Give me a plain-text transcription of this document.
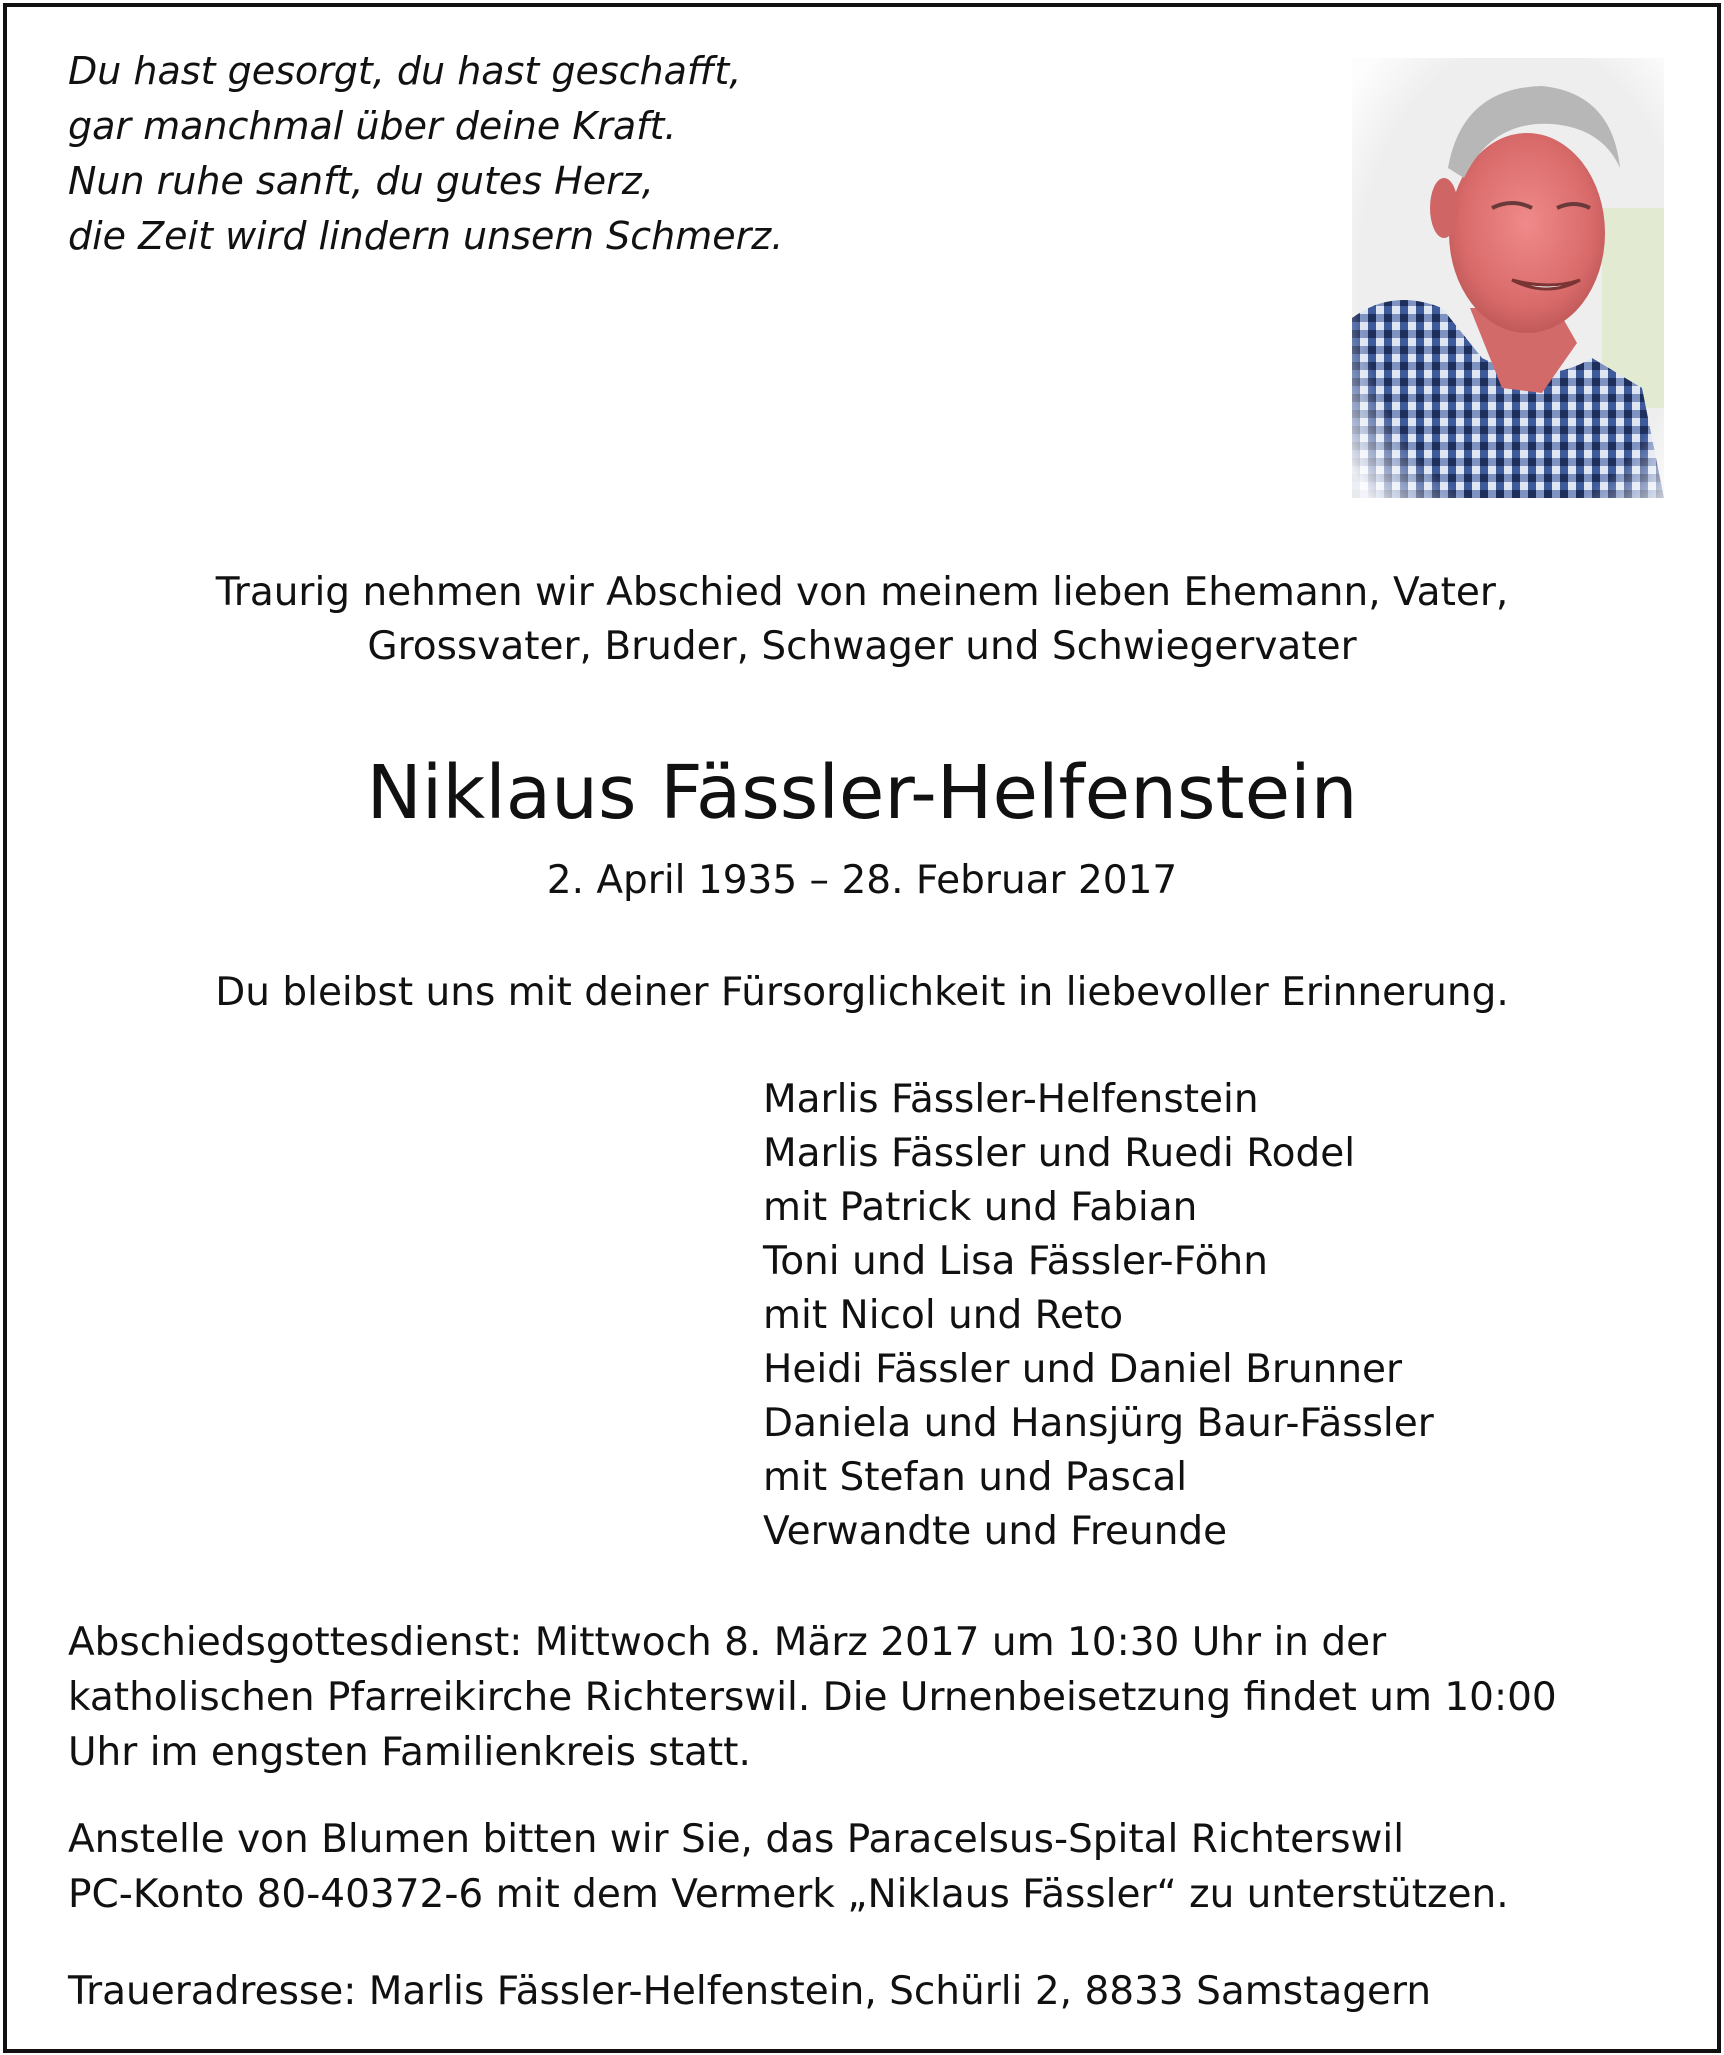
Du hast gesorgt, du hast geschafft,
gar manchmal über deine Kraft.
Nun ruhe sanft, du gutes Herz,
die Zeit wird lindern unsern Schmerz.
Traurig nehmen wir Abschied von meinem lieben Ehemann, Vater,
Grossvater, Bruder, Schwager und Schwiegervater
Niklaus Fässler-Helfenstein
2. April 1935 – 28. Februar 2017
Du bleibst uns mit deiner Fürsorglichkeit in liebevoller Erinnerung.
Marlis Fässler-Helfenstein
Marlis Fässler und Ruedi Rodel
mit Patrick und Fabian
Toni und Lisa Fässler-Föhn
mit Nicol und Reto
Heidi Fässler und Daniel Brunner
Daniela und Hansjürg Baur-Fässler
mit Stefan und Pascal
Verwandte und Freunde
Abschiedsgottesdienst: Mittwoch 8. März 2017 um 10:30 Uhr in der
katholischen Pfarreikirche Richterswil. Die Urnenbeisetzung findet um 10:00
Uhr im engsten Familienkreis statt.
Anstelle von Blumen bitten wir Sie, das Paracelsus-Spital Richterswil
PC-Konto 80-40372-6 mit dem Vermerk „Niklaus Fässler“ zu unterstützen.
Traueradresse: Marlis Fässler-Helfenstein, Schürli 2, 8833 Samstagern
